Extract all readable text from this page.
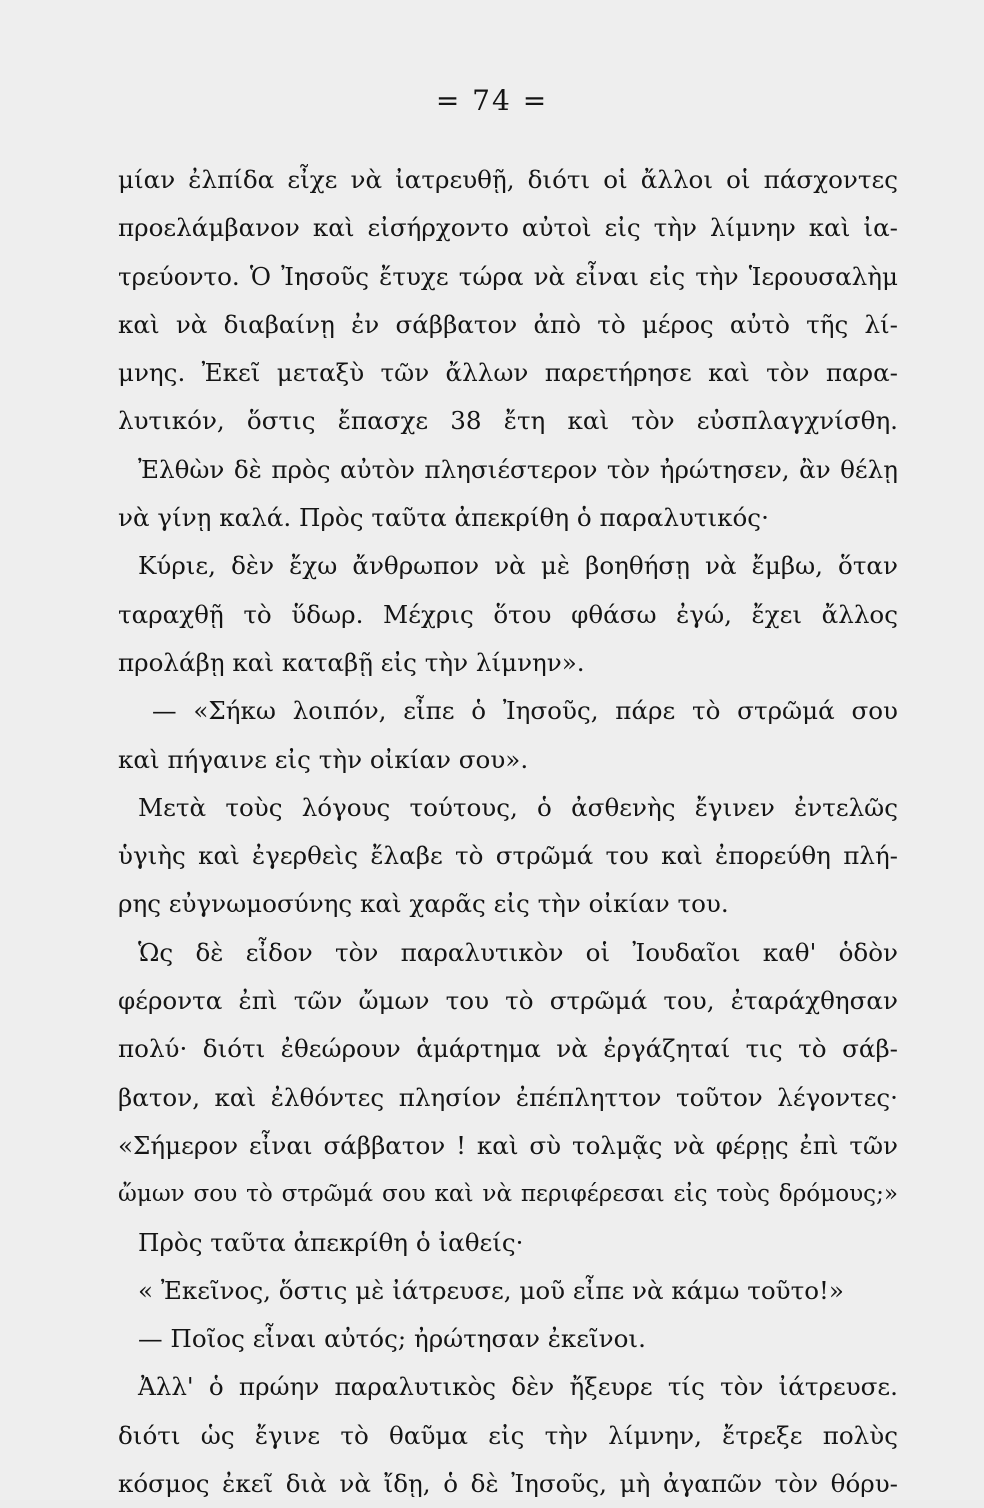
= 74 =
μίαν ἐλπίδα εἶχε νὰ ἰατρευθῇ, διότι οἱ ἄλλοι οἱ πάσχοντες
προελάμβανον καὶ εἰσήρχοντο αὐτοὶ εἰς τὴν λίμνην καὶ ἰα-
τρεύοντο. Ὁ Ἰησοῦς ἔτυχε τώρα νὰ εἶναι εἰς τὴν Ἱερουσαλὴμ
καὶ νὰ διαβαίνῃ ἐν σάββατον ἀπὸ τὸ μέρος αὐτὸ τῆς λί-
μνης. Ἐκεῖ μεταξὺ τῶν ἄλλων παρετήρησε καὶ τὸν παρα-
λυτικόν, ὅστις ἔπασχε 38 ἔτη καὶ τὸν εὐσπλαγχνίσθη.
Ἐλθὼν δὲ πρὸς αὐτὸν πλησιέστερον τὸν ἠρώτησεν, ἂν θέλῃ
νὰ γίνῃ καλά. Πρὸς ταῦτα ἀπεκρίθη ὁ παραλυτικός·
Κύριε, δὲν ἔχω ἄνθρωπον νὰ μὲ βοηθήσῃ νὰ ἔμβω, ὅταν
ταραχθῇ τὸ ὕδωρ. Μέχρις ὅτου φθάσω ἐγώ, ἔχει ἄλλος
προλάβῃ καὶ καταβῇ εἰς τὴν λίμνην».
— «Σήκω λοιπόν, εἶπε ὁ Ἰησοῦς, πάρε τὸ στρῶμά σου
καὶ πήγαινε εἰς τὴν οἰκίαν σου».
Μετὰ τοὺς λόγους τούτους, ὁ ἀσθενὴς ἔγινεν ἐντελῶς
ὑγιὴς καὶ ἐγερθεὶς ἔλαβε τὸ στρῶμά του καὶ ἐπορεύθη πλή-
ρης εὐγνωμοσύνης καὶ χαρᾶς εἰς τὴν οἰκίαν του.
Ὡς δὲ εἶδον τὸν παραλυτικὸν οἱ Ἰουδαῖοι καθ' ὁδὸν
φέροντα ἐπὶ τῶν ὤμων του τὸ στρῶμά του, ἐταράχθησαν
πολύ· διότι ἐθεώρουν ἁμάρτημα νὰ ἐργάζηταί τις τὸ σάβ-
βατον, καὶ ἐλθόντες πλησίον ἐπέπληττον τοῦτον λέγοντες·
«Σήμερον εἶναι σάββατον ! καὶ σὺ τολμᾷς νὰ φέρῃς ἐπὶ τῶν
ὤμων σου τὸ στρῶμά σου καὶ νὰ περιφέρεσαι εἰς τοὺς δρόμους;»
Πρὸς ταῦτα ἀπεκρίθη ὁ ἰαθείς·
« Ἐκεῖνος, ὅστις μὲ ἰάτρευσε, μοῦ εἶπε νὰ κάμω τοῦτο!»
— Ποῖος εἶναι αὐτός; ἠρώτησαν ἐκεῖνοι.
Ἀλλ' ὁ πρώην παραλυτικὸς δὲν ἤξευρε τίς τὸν ἰάτρευσε.
διότι ὡς ἔγινε τὸ θαῦμα εἰς τὴν λίμνην, ἔτρεξε πολὺς
κόσμος ἐκεῖ διὰ νὰ ἴδῃ, ὁ δὲ Ἰησοῦς, μὴ ἀγαπῶν τὸν θόρυ-
